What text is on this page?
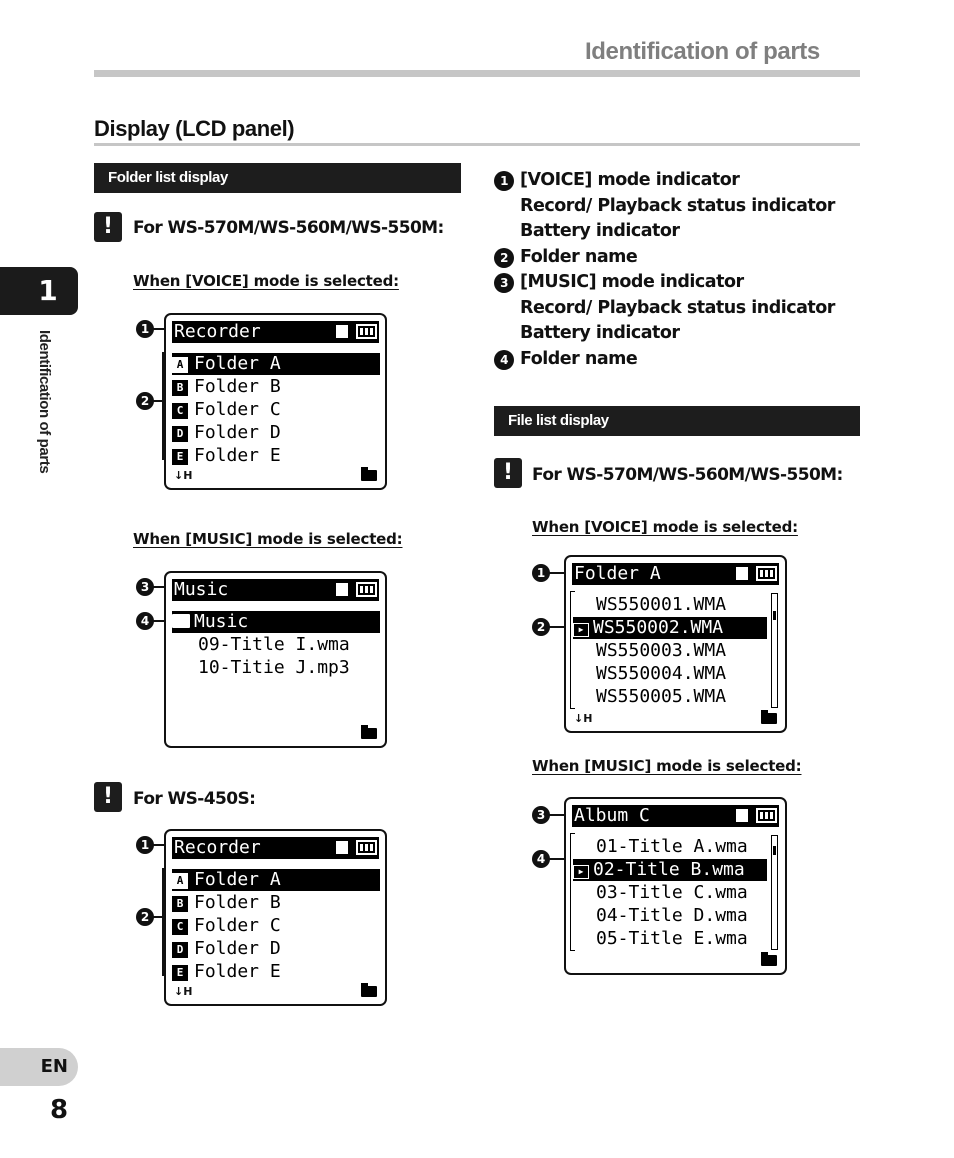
Identification of parts
Display (LCD panel)
1
Identification of parts
EN
8
Folder list display
!	For WS-570M/WS-560M/WS-550M:
When [VOICE] mode is selected:
1
2
Recorder
A Folder A
B Folder B
C Folder C
D Folder D
E Folder E
↓H
When [MUSIC] mode is selected:
3
4
Music
Music
09-Title I.wma
10-Titie J.mp3
!	For WS-450S:
1
2
Recorder
A Folder A
B Folder B
C Folder C
D Folder D
E Folder E
↓H
1 [VOICE] mode indicator
Record/ Playback status indicator
Battery indicator
2 Folder name
3 [MUSIC] mode indicator
Record/ Playback status indicator
Battery indicator
4 Folder name
File list display
!	For WS-570M/WS-560M/WS-550M:
When [VOICE] mode is selected:
1
2
Folder A
WS550001.WMA
▶ WS550002.WMA
WS550003.WMA
WS550004.WMA
WS550005.WMA
↓H
When [MUSIC] mode is selected:
3
4
Album C
01-Title A.wma
▶ 02-Title B.wma
03-Title C.wma
04-Title D.wma
05-Title E.wma
